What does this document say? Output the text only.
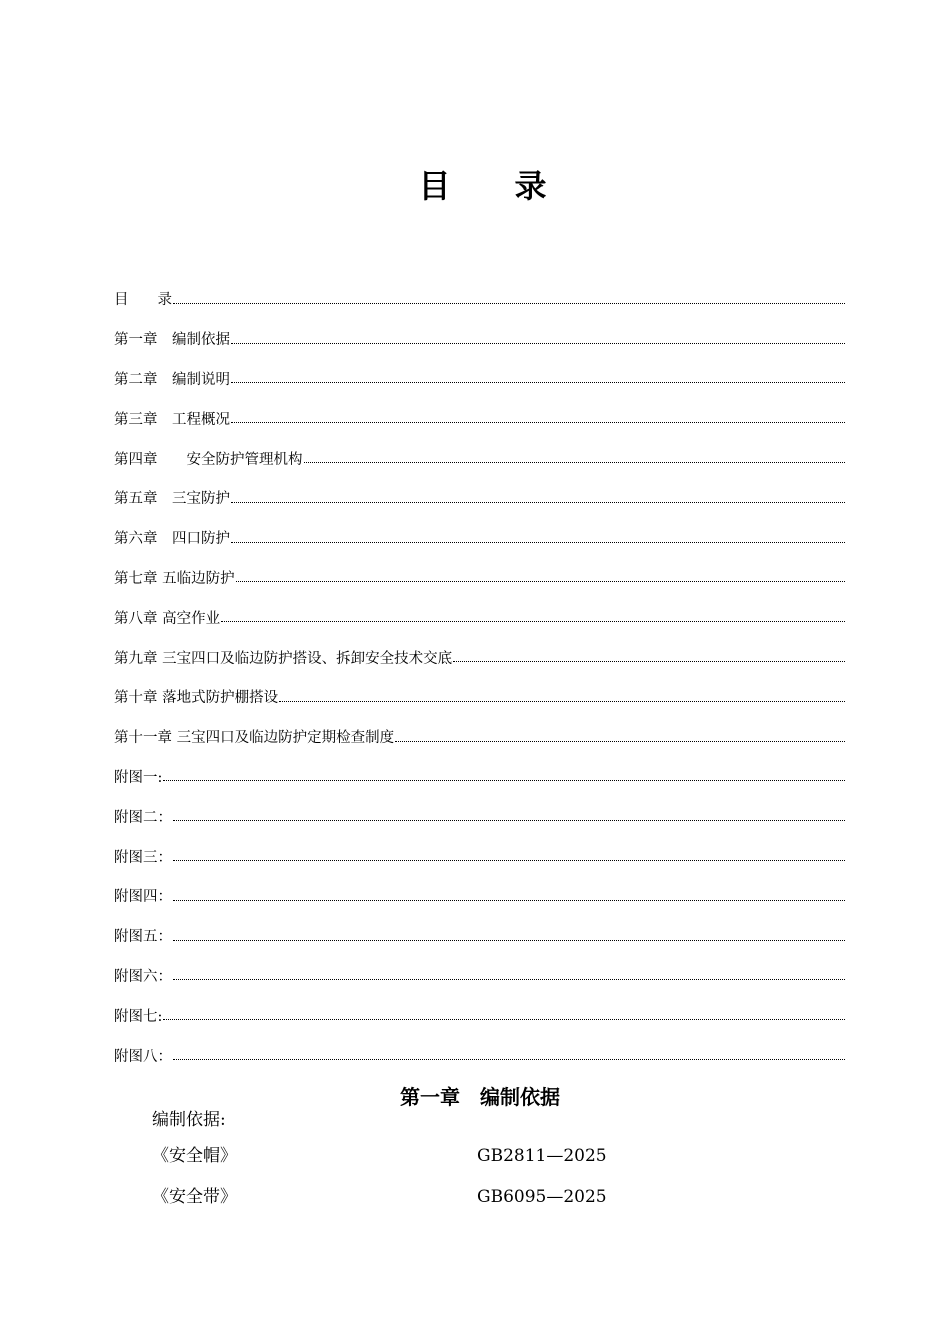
目　　录
目　　录
第一章　编制依据
第二章　编制说明
第三章　工程概况
第四章　　安全防护管理机构
第五章　三宝防护
第六章　四口防护
第七章 五临边防护
第八章 高空作业
第九章 三宝四口及临边防护搭设、拆卸安全技术交底
第十章 落地式防护棚搭设
第十一章 三宝四口及临边防护定期检查制度
附图一:
附图二：
附图三：
附图四：
附图五：
附图六：
附图七:
附图八：
第一章　编制依据
编制依据:
《安全帽》	GB2811—2025
《安全带》	GB6095—2025
